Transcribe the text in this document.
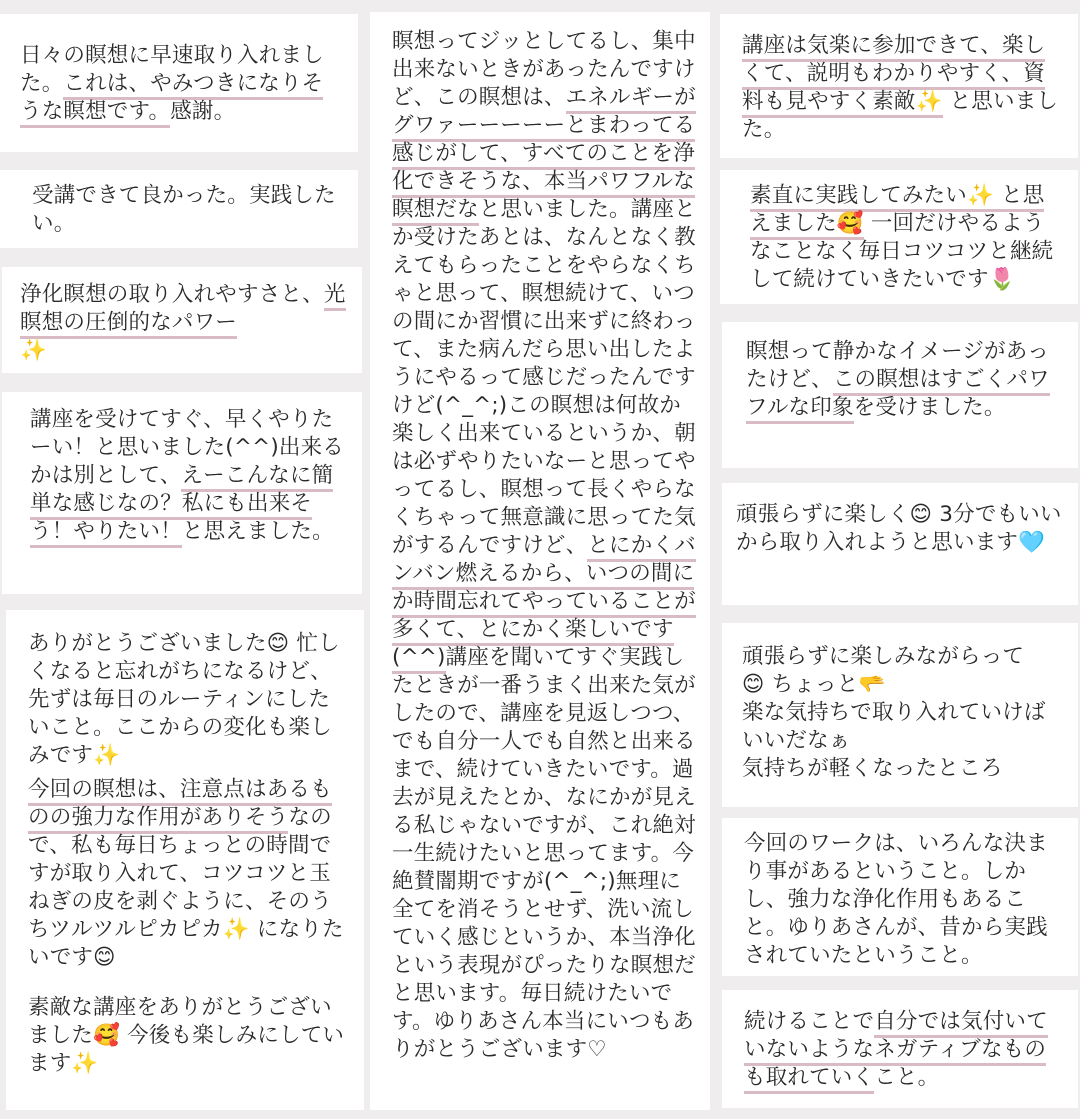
日々の瞑想に早速取り入れました。これは、やみつきになりそうな瞑想です。感謝。

受講できて良かった。実践したい。

浄化瞑想の取り入れやすさと、光瞑想の圧倒的なパワー
✨

講座を受けてすぐ、早くやりたーい！と思いました(^^)出来るかは別として、えーこんなに簡単な感じなの？私にも出来そう！やりたい！と思えました。

ありがとうございました😊 忙しくなると忘れがちになるけど、先ずは毎日のルーティンにしたいこと。ここからの変化も楽しみです✨

今回の瞑想は、注意点はあるものの強力な作用がありそうなので、私も毎日ちょっとの時間ですが取り入れて、コツコツと玉ねぎの皮を剥ぐように、そのうちツルツルピカピカ✨ になりたいです😊

素敵な講座をありがとうございました🥰 今後も楽しみにしています✨

瞑想ってジッとしてるし、集中出来ないときがあったんですけど、この瞑想は、エネルギーがグワァーーーーーとまわってる感じがして、すべてのことを浄化できそうな、本当パワフルな瞑想だなと思いました。講座とか受けたあとは、なんとなく教えてもらったことをやらなくちゃと思って、瞑想続けて、いつの間にか習慣に出来ずに終わって、また病んだら思い出したようにやるって感じだったんですけど(^_^;)この瞑想は何故か楽しく出来ているというか、朝は必ずやりたいなーと思ってやってるし、瞑想って長くやらなくちゃって無意識に思ってた気がするんですけど、とにかくバンバン燃えるから、いつの間にか時間忘れてやっていることが多くて、とにかく楽しいです(^^)講座を聞いてすぐ実践したときが一番うまく出来た気がしたので、講座を見返しつつ、でも自分一人でも自然と出来るまで、続けていきたいです。過去が見えたとか、なにかが見える私じゃないですが、これ絶対一生続けたいと思ってます。今絶賛闇期ですが(^_^;)無理に全てを消そうとせず、洗い流していく感じというか、本当浄化という表現がぴったりな瞑想だと思います。毎日続けたいです。ゆりあさん本当にいつもありがとうございます♡

講座は気楽に参加できて、楽しくて、説明もわかりやすく、資料も見やすく素敵✨ と思いました。

素直に実践してみたい✨ と思えました🥰 一回だけやるようなことなく毎日コツコツと継続して続けていきたいです🌷

瞑想って静かなイメージがあったけど、この瞑想はすごくパワフルな印象を受けました。

頑張らずに楽しく😊 3分でもいいから取り入れようと思います🩵

頑張らずに楽しみながらって

😊 ちょっと🫳

楽な気持ちで取り入れていけばいいだなぁ

気持ちが軽くなったところ

今回のワークは、いろんな決まり事があるということ。しかし、強力な浄化作用もあること。ゆりあさんが、昔から実践されていたということ。

続けることで自分では気付いていないようなネガティブなものも取れていくこと。
